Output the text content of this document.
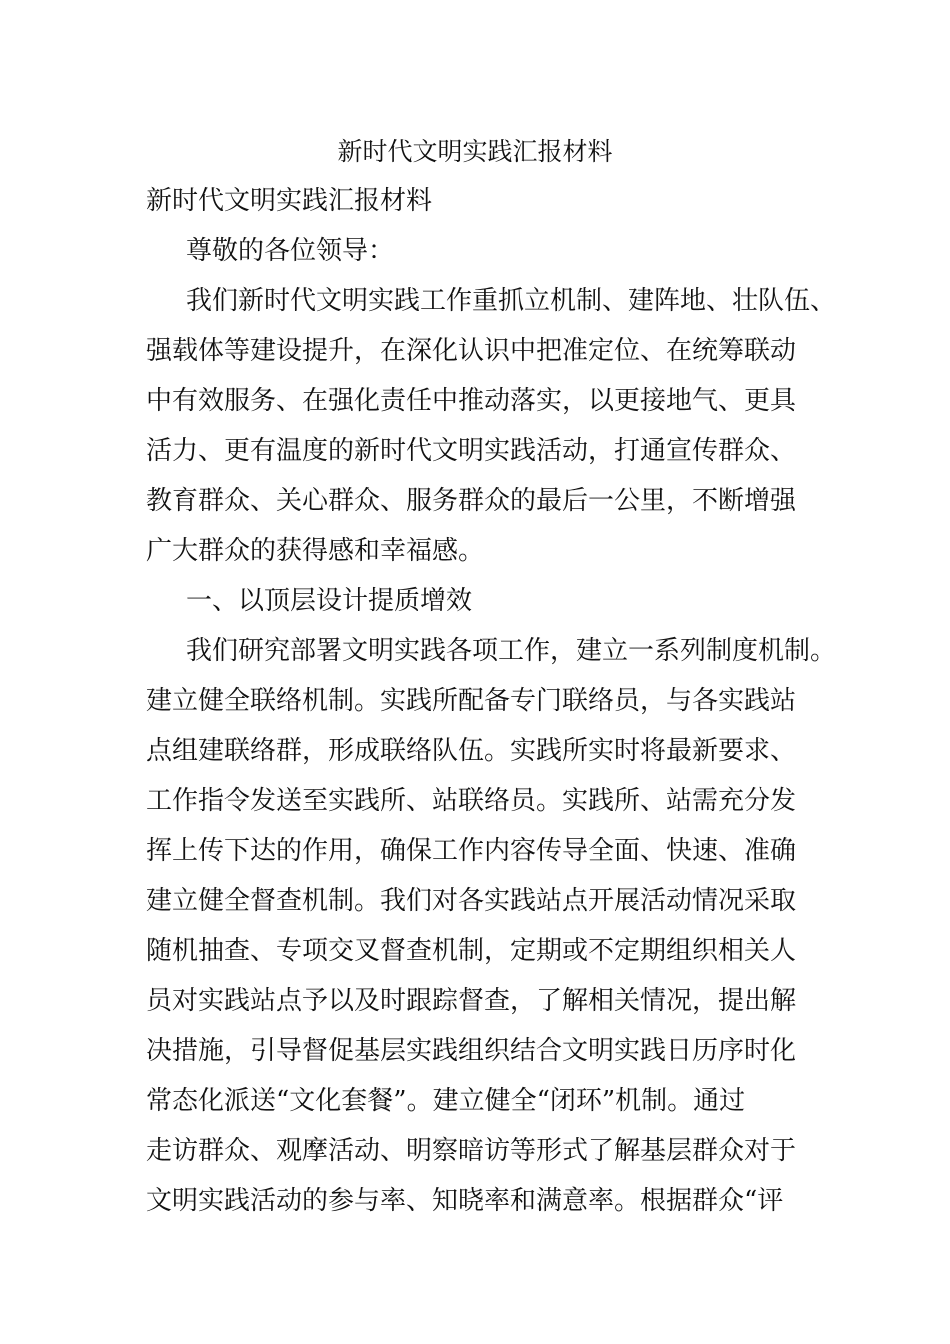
新时代文明实践汇报材料
新时代文明实践汇报材料
尊敬的各位领导：
我们新时代文明实践工作重抓立机制、建阵地、壮队伍、
强载体等建设提升，在深化认识中把准定位、在统筹联动
中有效服务、在强化责任中推动落实，以更接地气、更具
活力、更有温度的新时代文明实践活动，打通宣传群众、
教育群众、关心群众、服务群众的最后一公里，不断增强
广大群众的获得感和幸福感。
一、以顶层设计提质增效
我们研究部署文明实践各项工作，建立一系列制度机制。
建立健全联络机制。实践所配备专门联络员，与各实践站
点组建联络群，形成联络队伍。实践所实时将最新要求、
工作指令发送至实践所、站联络员。实践所、站需充分发
挥上传下达的作用，确保工作内容传导全面、快速、准确
建立健全督查机制。我们对各实践站点开展活动情况采取
随机抽查、专项交叉督查机制，定期或不定期组织相关人
员对实践站点予以及时跟踪督查，了解相关情况，提出解
决措施，引导督促基层实践组织结合文明实践日历序时化
常态化派送“文化套餐”。建立健全“闭环”机制。通过
走访群众、观摩活动、明察暗访等形式了解基层群众对于
文明实践活动的参与率、知晓率和满意率。根据群众“评
